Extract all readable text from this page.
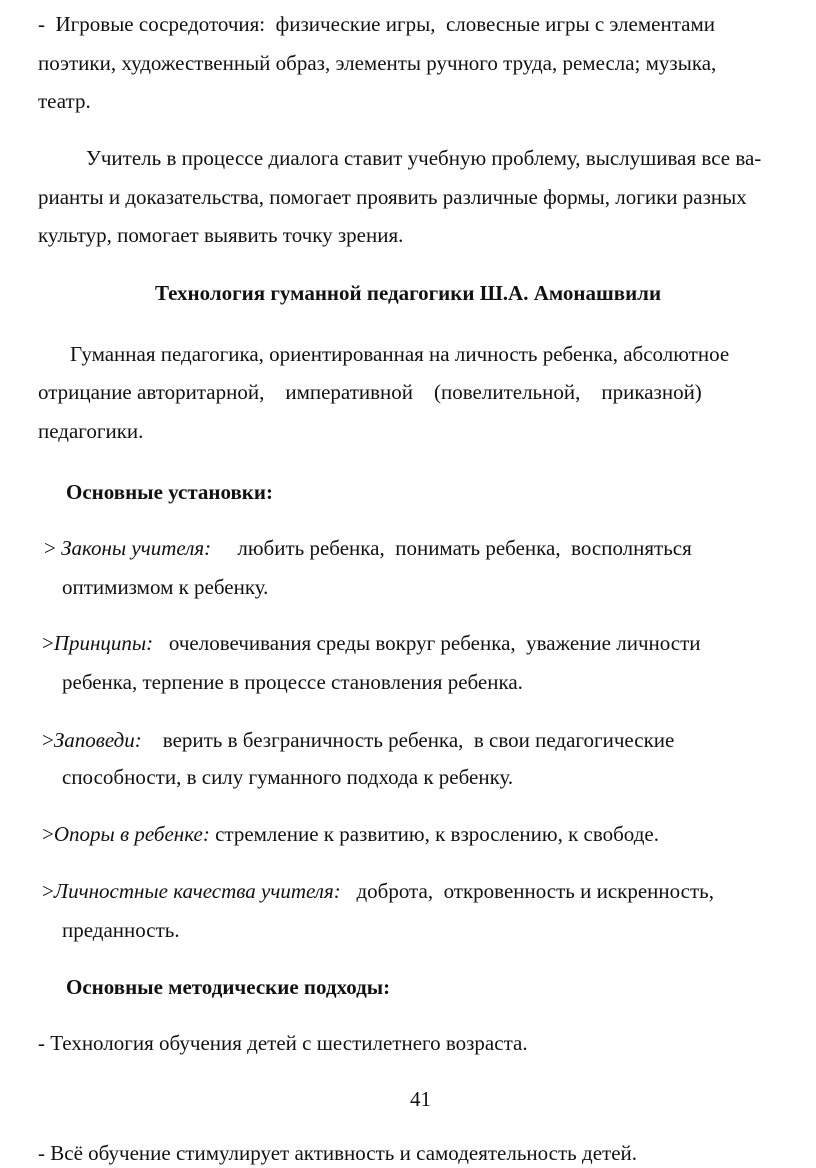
-  Игровые сосредоточия:  физические игры,  словесные игры с элементами
поэтики, художественный образ, элементы ручного труда, ремесла; музыка,
театр.
Учитель в процессе диалога ставит учебную проблему, выслушивая все ва-
рианты и доказательства, помогает проявить различные формы, логики разных
культур, помогает выявить точку зрения.
Технология гуманной педагогики Ш.А. Амонашвили
Гуманная педагогика, ориентированная на личность ребенка, абсолютное
отрицание авторитарной,    императивной    (повелительной,    приказной)
педагогики.
Основные установки:
> Законы учителя: любить ребенка,  понимать ребенка,  восполняться
оптимизмом к ребенку.
>Принципы: очеловечивания среды вокруг ребенка,  уважение личности
ребенка, терпение в процессе становления ребенка.
>Заповеди: верить в безграничность ребенка,  в свои педагогические
способности, в силу гуманного подхода к ребенку.
>Опоры в ребенке: стремление к развитию, к взрослению, к свободе.
>Личностные качества учителя: доброта,  откровенность и искренность,
преданность.
Основные методические подходы:
- Технология обучения детей с шестилетнего возраста.
41
- Всё обучение стимулирует активность и самодеятельность детей.
